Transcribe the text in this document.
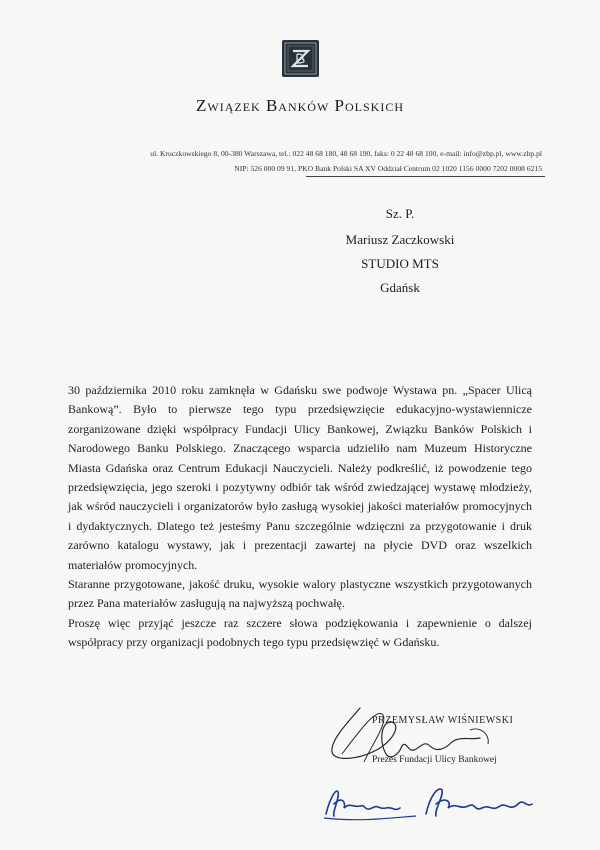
Związek Banków Polskich
ul. Kruczkowskiego 8, 00-380 Warszawa, tel.: 022 48 68 180, 48 68 190, faks: 0 22 48 68 100, e-mail: info@zbp.pl, www.zbp.pl
NIP: 526 000 09 91, PKO Bank Polski SA XV Oddział Centrum 02 1020 1156 0000 7202 0008 6215
Sz. P.
Mariusz Zaczkowski
STUDIO MTS
Gdańsk

30 października 2010 roku zamknęła w Gdańsku swe podwoje Wystawa pn. „Spacer Ulicą Bankową”. Było to pierwsze tego typu przedsięwzięcie edukacyjno-wystawiennicze zorganizowane dzięki współpracy Fundacji Ulicy Bankowej, Związku Banków Polskich i Narodowego Banku Polskiego. Znaczącego wsparcia udzieliło nam Muzeum Historyczne Miasta Gdańska oraz Centrum Edukacji Nauczycieli. Należy podkreślić, iż powodzenie tego przedsięwzięcia, jego szeroki i pozytywny odbiór tak wśród zwiedzającej wystawę młodzieży, jak wśród nauczycieli i organizatorów było zasługą wysokiej jakości materiałów promocyjnych i dydaktycznych. Dlatego też jesteśmy Panu szczególnie wdzięczni za przygotowanie i druk zarówno katalogu wystawy, jak i prezentacji zawartej na płycie DVD oraz wszelkich materiałów promocyjnych.

Staranne przygotowane, jakość druku, wysokie walory plastyczne wszystkich przygotowanych przez Pana materiałów zasługują na najwyższą pochwałę.

Proszę więc przyjąć jeszcze raz szczere słowa podziękowania i zapewnienie o dalszej współpracy przy organizacji podobnych tego typu przedsięwzięć w Gdańsku.

PRZEMYSŁAW WIŚNIEWSKI
Prezes Fundacji Ulicy Bankowej
